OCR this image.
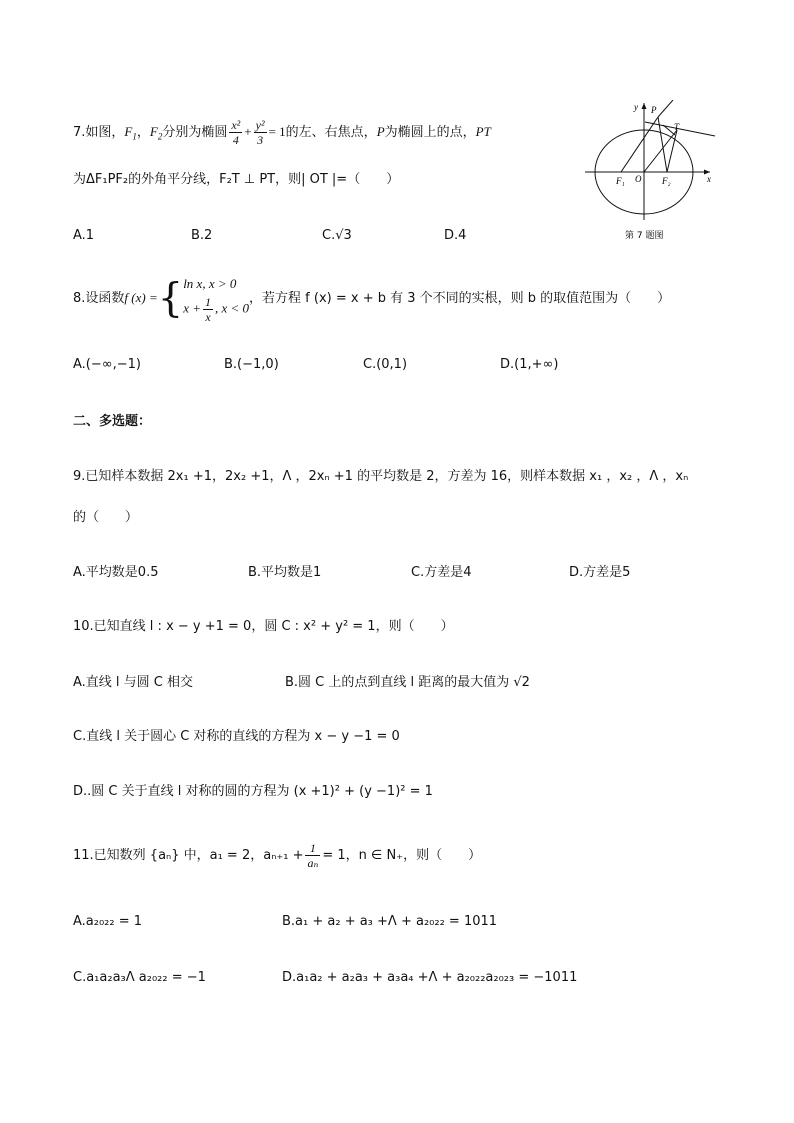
7.如图，$F_1$，$F_2$分别为椭圆 $\frac{\text{x²}}{4} + \frac{\text{y²}}{3} = 1$的左、右焦点，P为椭圆上的点，PT
为ΔF₁PF₂的外角平分线，F₂T ⊥ PT，则| OT |=（　　）
A.1	B.2	C.√3	D.4
y
x
P
T
O
F₁	F₂
第 7 题图
8.设函数f (x) ={ ln x, x > 0
$x + \frac{1}{x}$ , x < 0
，若方程 f (x) = x + b 有 3 个不同的实根，则 b 的取值范围为（　　）
A.(−∞,−1)	B.(−1,0)	C.(0,1)	D.(1,+∞)
二、多选题：
9.已知样本数据 2x₁ +1，2x₂ +1，Λ ，2xₙ +1 的平均数是 2，方差为 16，则样本数据 x₁ ，x₂ ，Λ ，xₙ
的（　　）
A.平均数是0.5	B.平均数是1	C.方差是4	D.方差是5
10.已知直线 l : x − y +1 = 0，圆 C : x² + y² = 1，则（　　）
A.直线 l 与圆 C 相交	B.圆 C 上的点到直线 l 距离的最大值为 √2
C.直线 l 关于圆心 C 对称的直线的方程为 x − y −1 = 0
D..圆 C 关于直线 l 对称的圆的方程为 (x +1)² + (y −1)² = 1
11.已知数列 {aₙ} 中，a₁ = 2，$a_{n+1} + \frac{1}{\text{aₙ}} = 1$，n ∈ N₊，则（　　）
A.a₂₀₂₂ = 1	B.a₁ + a₂ + a₃ +Λ + a₂₀₂₂ = 1011
C.a₁a₂a₃Λ a₂₀₂₂ = −1	D.a₁a₂ + a₂a₃ + a₃a₄ +Λ + a₂₀₂₂a₂₀₂₃ = −1011
